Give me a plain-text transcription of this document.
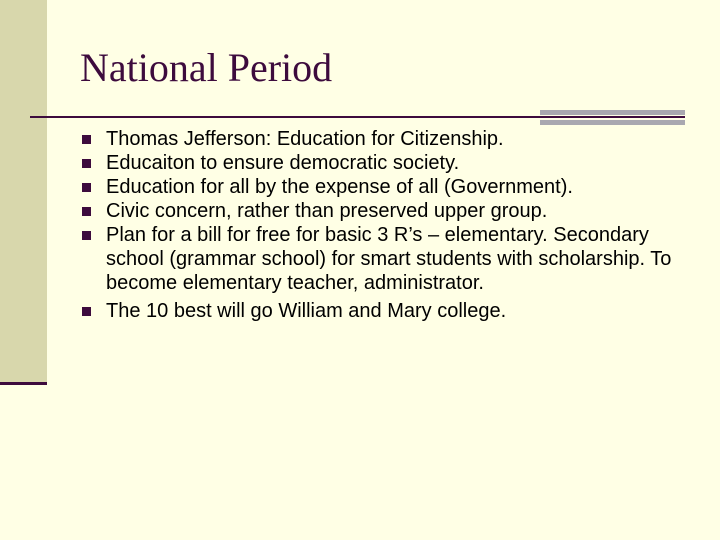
National Period
Thomas Jefferson: Education for Citizenship.
Educaiton to ensure democratic society.
Education for all by the expense of all (Government).
Civic concern, rather than preserved upper group.
Plan for a bill for free for basic 3 R’s – elementary. Secondary school (grammar school) for smart students with scholarship. To become elementary teacher, administrator.
The 10 best will go William and Mary college.
